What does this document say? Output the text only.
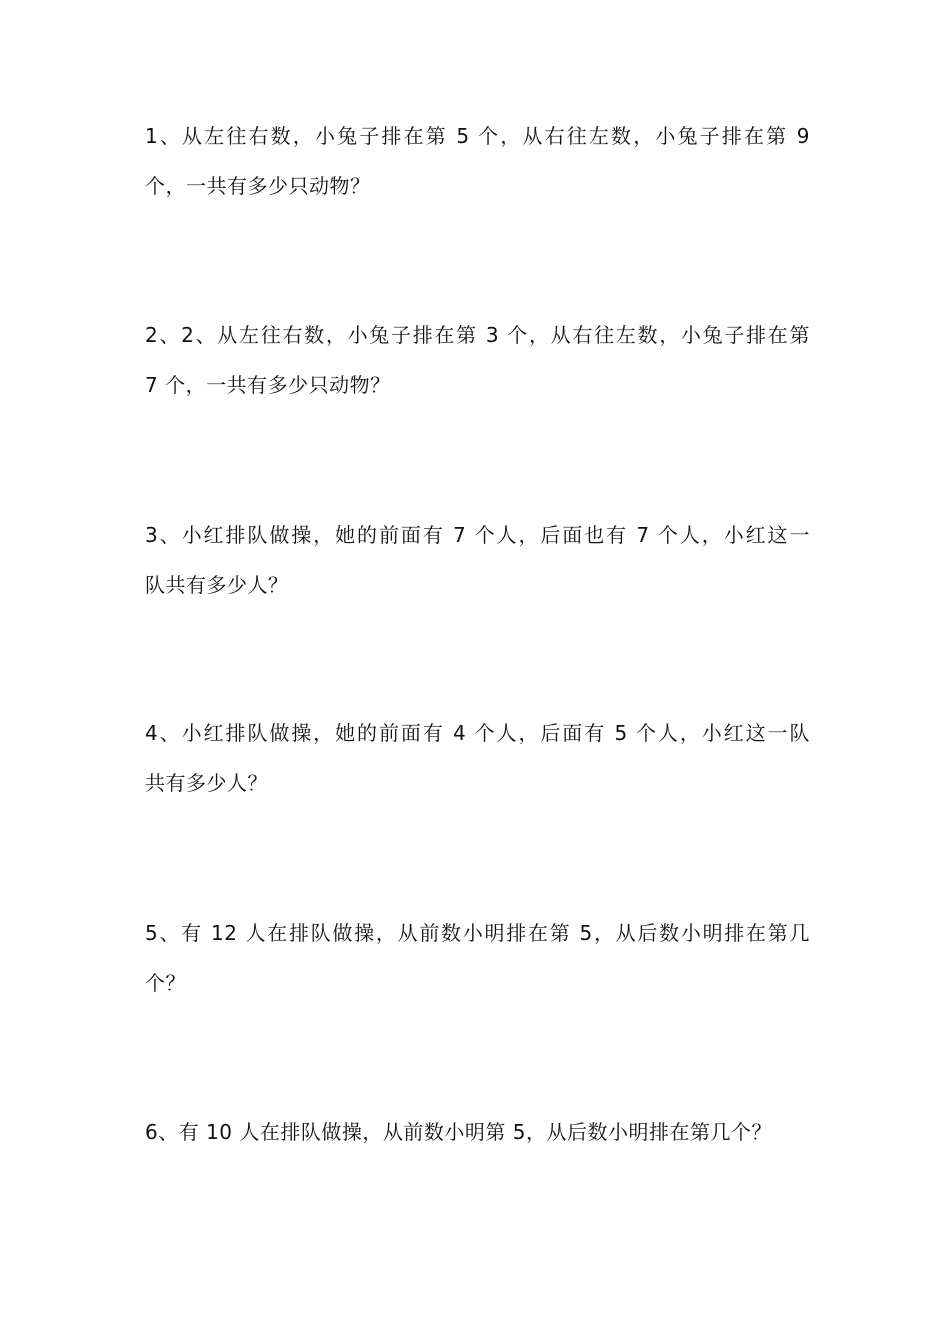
1、从左往右数，小兔子排在第 5 个，从右往左数，小兔子排在第 9
个，一共有多少只动物？

2、2、从左往右数，小兔子排在第 3 个，从右往左数，小兔子排在第
7 个，一共有多少只动物？

3、小红排队做操，她的前面有 7 个人，后面也有 7 个人，小红这一
队共有多少人？

4、小红排队做操，她的前面有 4 个人，后面有 5 个人，小红这一队
共有多少人？

5、有 12 人在排队做操，从前数小明排在第 5，从后数小明排在第几
个？

6、有 10 人在排队做操，从前数小明第 5，从后数小明排在第几个？
